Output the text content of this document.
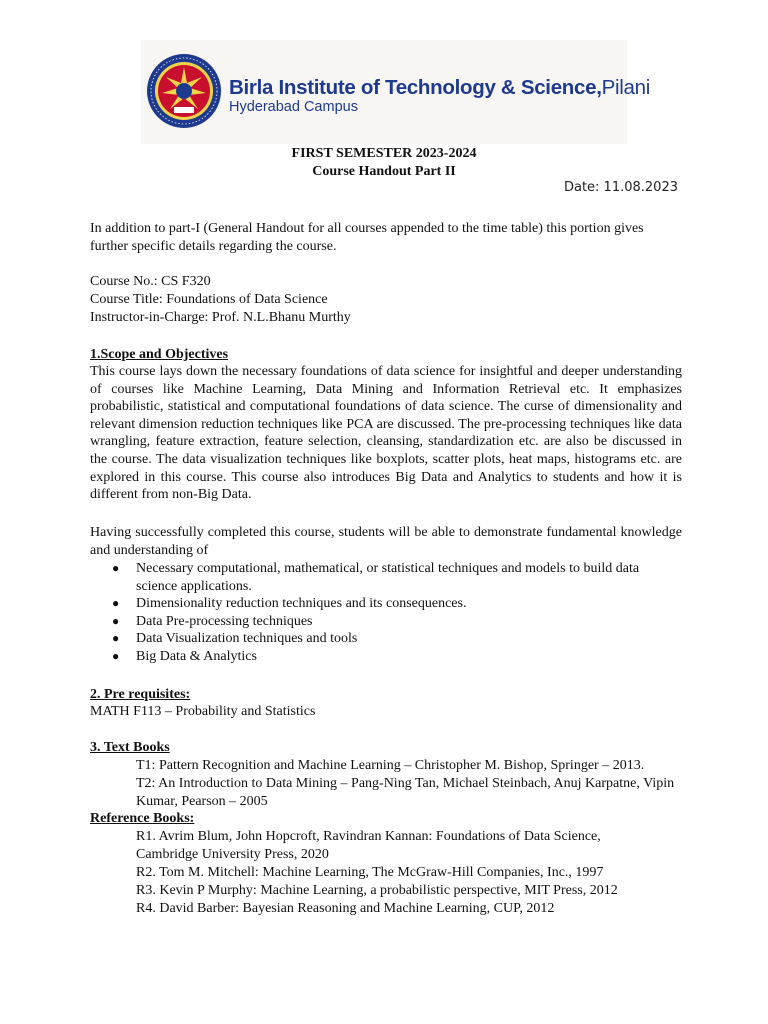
Birla Institute of Technology & Science,Pilani
Hyderabad Campus
FIRST SEMESTER 2023-2024
Course Handout Part II
Date: 11.08.2023
In addition to part-I (General Handout for all courses appended to the time table) this portion gives further specific details regarding the course.
Course No.: CS F320
Course Title: Foundations of Data Science
Instructor-in-Charge: Prof. N.L.Bhanu Murthy
1.Scope and Objectives
This course lays down the necessary foundations of data science for insightful and deeper understanding of courses like Machine Learning, Data Mining and Information Retrieval etc. It emphasizes probabilistic, statistical and computational foundations of data science. The curse of dimensionality and relevant dimension reduction techniques like PCA are discussed. The pre-processing techniques like data wrangling, feature extraction, feature selection, cleansing, standardization etc. are also be discussed in the course. The data visualization techniques like boxplots, scatter plots, heat maps, histograms etc. are explored in this course. This course also introduces Big Data and Analytics to students and how it is different from non-Big Data.
Having successfully completed this course, students will be able to demonstrate fundamental knowledge and understanding of
● Necessary computational, mathematical, or statistical techniques and models to build data science applications.
● Dimensionality reduction techniques and its consequences.
● Data Pre-processing techniques
● Data Visualization techniques and tools
● Big Data & Analytics
2. Pre requisites:
MATH F113 – Probability and Statistics
3. Text Books
T1: Pattern Recognition and Machine Learning – Christopher M. Bishop, Springer – 2013.
T2: An Introduction to Data Mining – Pang-Ning Tan, Michael Steinbach, Anuj Karpatne, Vipin Kumar, Pearson – 2005
Reference Books:
R1. Avrim Blum, John Hopcroft, Ravindran Kannan: Foundations of Data Science, Cambridge University Press, 2020
R2. Tom M. Mitchell: Machine Learning, The McGraw-Hill Companies, Inc., 1997
R3. Kevin P Murphy: Machine Learning, a probabilistic perspective, MIT Press, 2012
R4. David Barber: Bayesian Reasoning and Machine Learning, CUP, 2012
